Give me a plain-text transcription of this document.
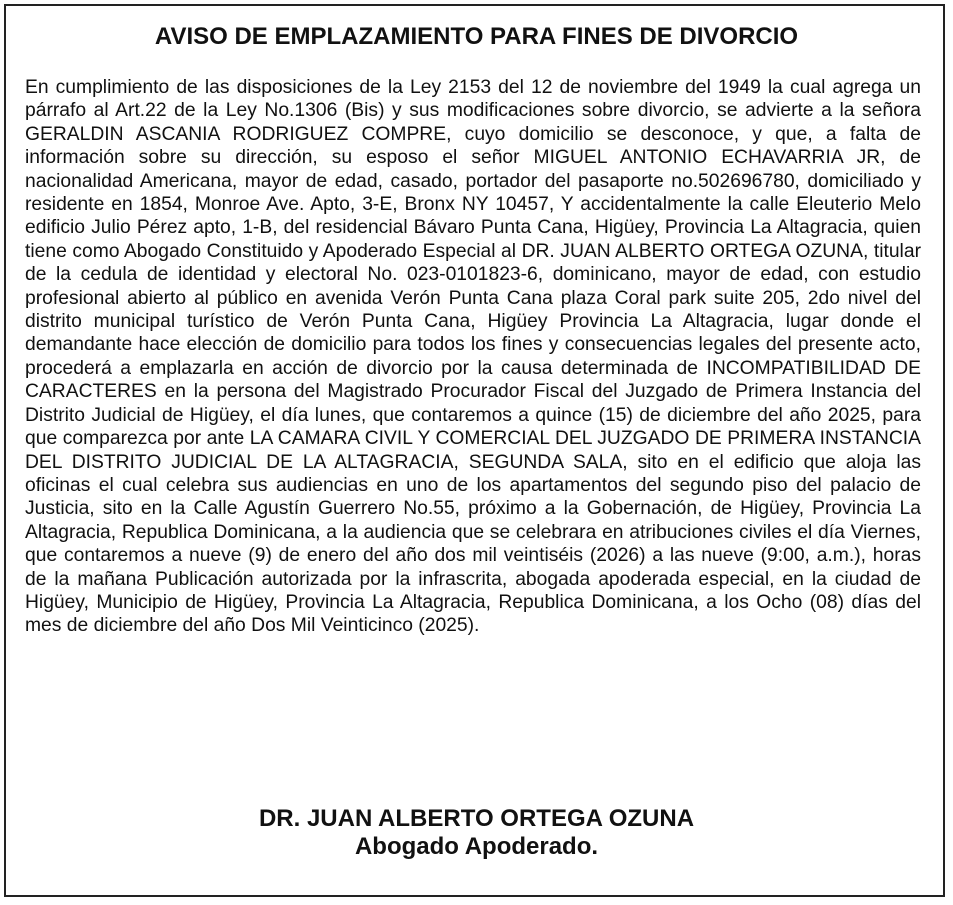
AVISO DE EMPLAZAMIENTO PARA FINES DE DIVORCIO

En cumplimiento de las disposiciones de la Ley 2153 del 12 de noviembre del 1949 la cual agrega un párrafo al Art.22 de la Ley No.1306 (Bis) y sus modificaciones sobre divorcio, se advierte a la señora GERALDIN ASCANIA RODRIGUEZ COMPRE, cuyo domicilio se desconoce, y que, a falta de información sobre su dirección, su esposo el señor MIGUEL ANTONIO ECHAVARRIA JR, de nacionalidad Americana, mayor de edad, casado, portador del pasaporte no.502696780, domiciliado y residente en 1854, Monroe Ave. Apto, 3-E, Bronx NY 10457, Y accidentalmente la calle Eleuterio Melo edificio Julio Pérez apto, 1-B, del residencial Bávaro Punta Cana, Higüey, Provincia La Altagracia, quien tiene como Abogado Constituido y Apoderado Especial al DR. JUAN ALBERTO ORTEGA OZUNA, titular de la cedula de identidad y electoral No. 023-0101823-6, dominicano, mayor de edad, con estudio profesional abierto al público en avenida Verón Punta Cana plaza Coral park suite 205, 2do nivel del distrito municipal turístico de Verón Punta Cana, Higüey Provincia La Altagracia, lugar donde el demandante hace elección de domicilio para todos los fines y consecuencias legales del presente acto, procederá a emplazarla en acción de divorcio por la causa determinada de INCOMPATIBILIDAD DE CARACTERES en la persona del Magistrado Procurador Fiscal del Juzgado de Primera Instancia del Distrito Judicial de Higüey, el día lunes, que contaremos a quince (15) de diciembre del año 2025, para que comparezca por ante LA CAMARA CIVIL Y COMERCIAL DEL JUZGADO DE PRIMERA INSTANCIA DEL DISTRITO JUDICIAL DE LA ALTAGRACIA, SEGUNDA SALA, sito en el edificio que aloja las oficinas el cual celebra sus audiencias en uno de los apartamentos del segundo piso del palacio de Justicia, sito en la Calle Agustín Guerrero No.55, próximo a la Gobernación, de Higüey, Provincia La Altagracia, Republica Dominicana, a la audiencia que se celebrara en atribuciones civiles el día Viernes, que contaremos a nueve (9) de enero del año dos mil veintiséis (2026) a las nueve (9:00, a.m.), horas de la mañana Publicación autorizada por la infrascrita, abogada apoderada especial, en la ciudad de Higüey, Municipio de Higüey, Provincia La Altagracia, Republica Dominicana, a los Ocho (08) días del mes de diciembre del año Dos Mil Veinticinco (2025).

DR. JUAN ALBERTO ORTEGA OZUNA

Abogado Apoderado.
